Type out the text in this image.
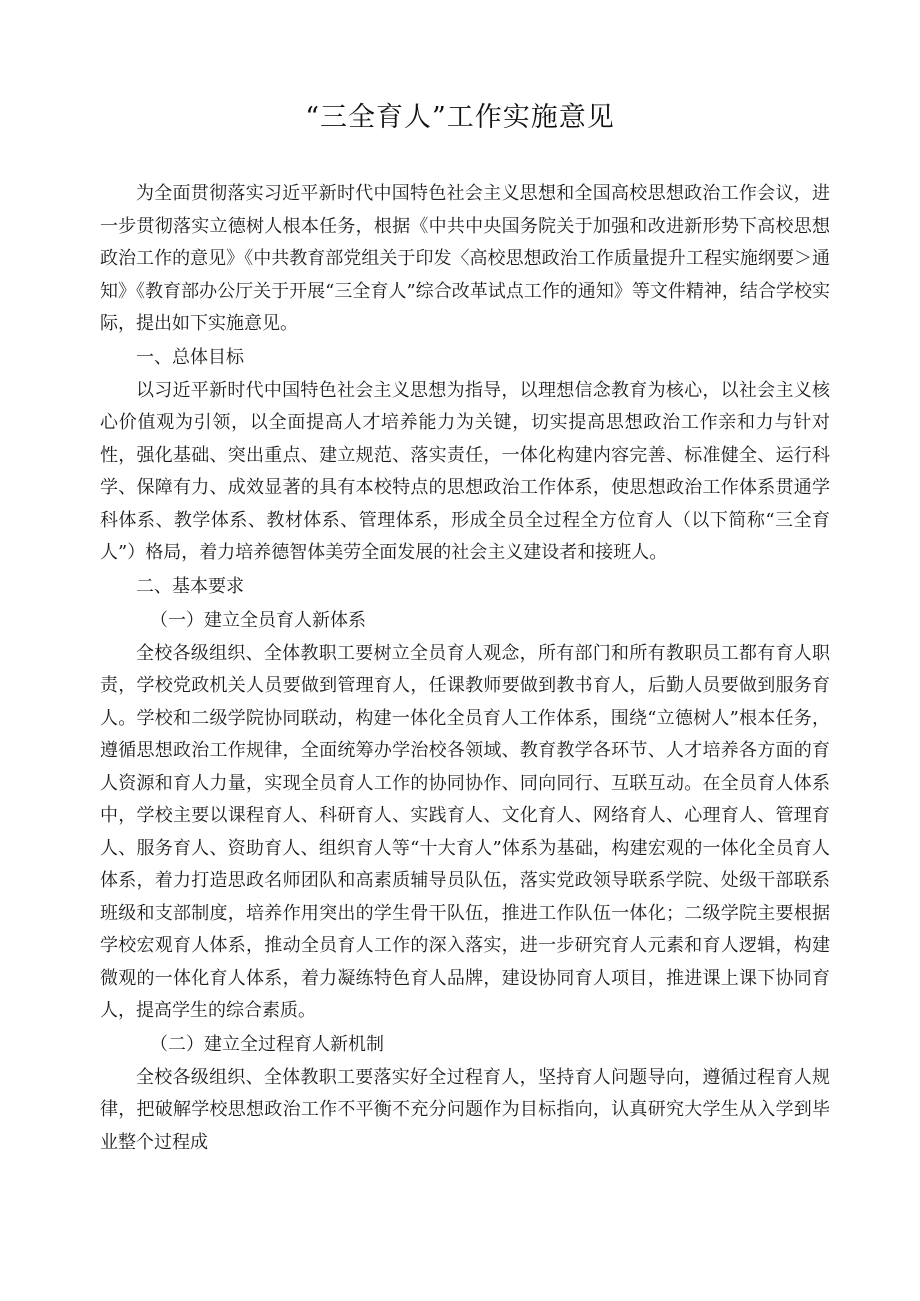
“三全育人”工作实施意见

为全面贯彻落实习近平新时代中国特色社会主义思想和全国高校思想政治工作会议，进一步贯彻落实立德树人根本任务，根据《中共中央国务院关于加强和改进新形势下高校思想政治工作的意见》《中共教育部党组关于印发〈高校思想政治工作质量提升工程实施纲要＞通知》《教育部办公厅关于开展“三全育人”综合改革试点工作的通知》等文件精神，结合学校实际，提出如下实施意见。

一、总体目标

以习近平新时代中国特色社会主义思想为指导，以理想信念教育为核心，以社会主义核心价值观为引领，以全面提高人才培养能力为关键，切实提高思想政治工作亲和力与针对性，强化基础、突出重点、建立规范、落实责任，一体化构建内容完善、标准健全、运行科学、保障有力、成效显著的具有本校特点的思想政治工作体系，使思想政治工作体系贯通学科体系、教学体系、教材体系、管理体系，形成全员全过程全方位育人（以下简称“三全育人”）格局，着力培养德智体美劳全面发展的社会主义建设者和接班人。

二、基本要求

（一）建立全员育人新体系

全校各级组织、全体教职工要树立全员育人观念，所有部门和所有教职员工都有育人职责，学校党政机关人员要做到管理育人，任课教师要做到教书育人，后勤人员要做到服务育人。学校和二级学院协同联动，构建一体化全员育人工作体系，围绕“立德树人”根本任务，遵循思想政治工作规律，全面统筹办学治校各领域、教育教学各环节、人才培养各方面的育人资源和育人力量，实现全员育人工作的协同协作、同向同行、互联互动。在全员育人体系中，学校主要以课程育人、科研育人、实践育人、文化育人、网络育人、心理育人、管理育人、服务育人、资助育人、组织育人等“十大育人”体系为基础，构建宏观的一体化全员育人体系，着力打造思政名师团队和高素质辅导员队伍，落实党政领导联系学院、处级干部联系班级和支部制度，培养作用突出的学生骨干队伍，推进工作队伍一体化；二级学院主要根据学校宏观育人体系，推动全员育人工作的深入落实，进一步研究育人元素和育人逻辑，构建微观的一体化育人体系，着力凝练特色育人品牌，建设协同育人项目，推进课上课下协同育人，提高学生的综合素质。

（二）建立全过程育人新机制

全校各级组织、全体教职工要落实好全过程育人，坚持育人问题导向，遵循过程育人规律，把破解学校思想政治工作不平衡不充分问题作为目标指向，认真研究大学生从入学到毕业整个过程成
